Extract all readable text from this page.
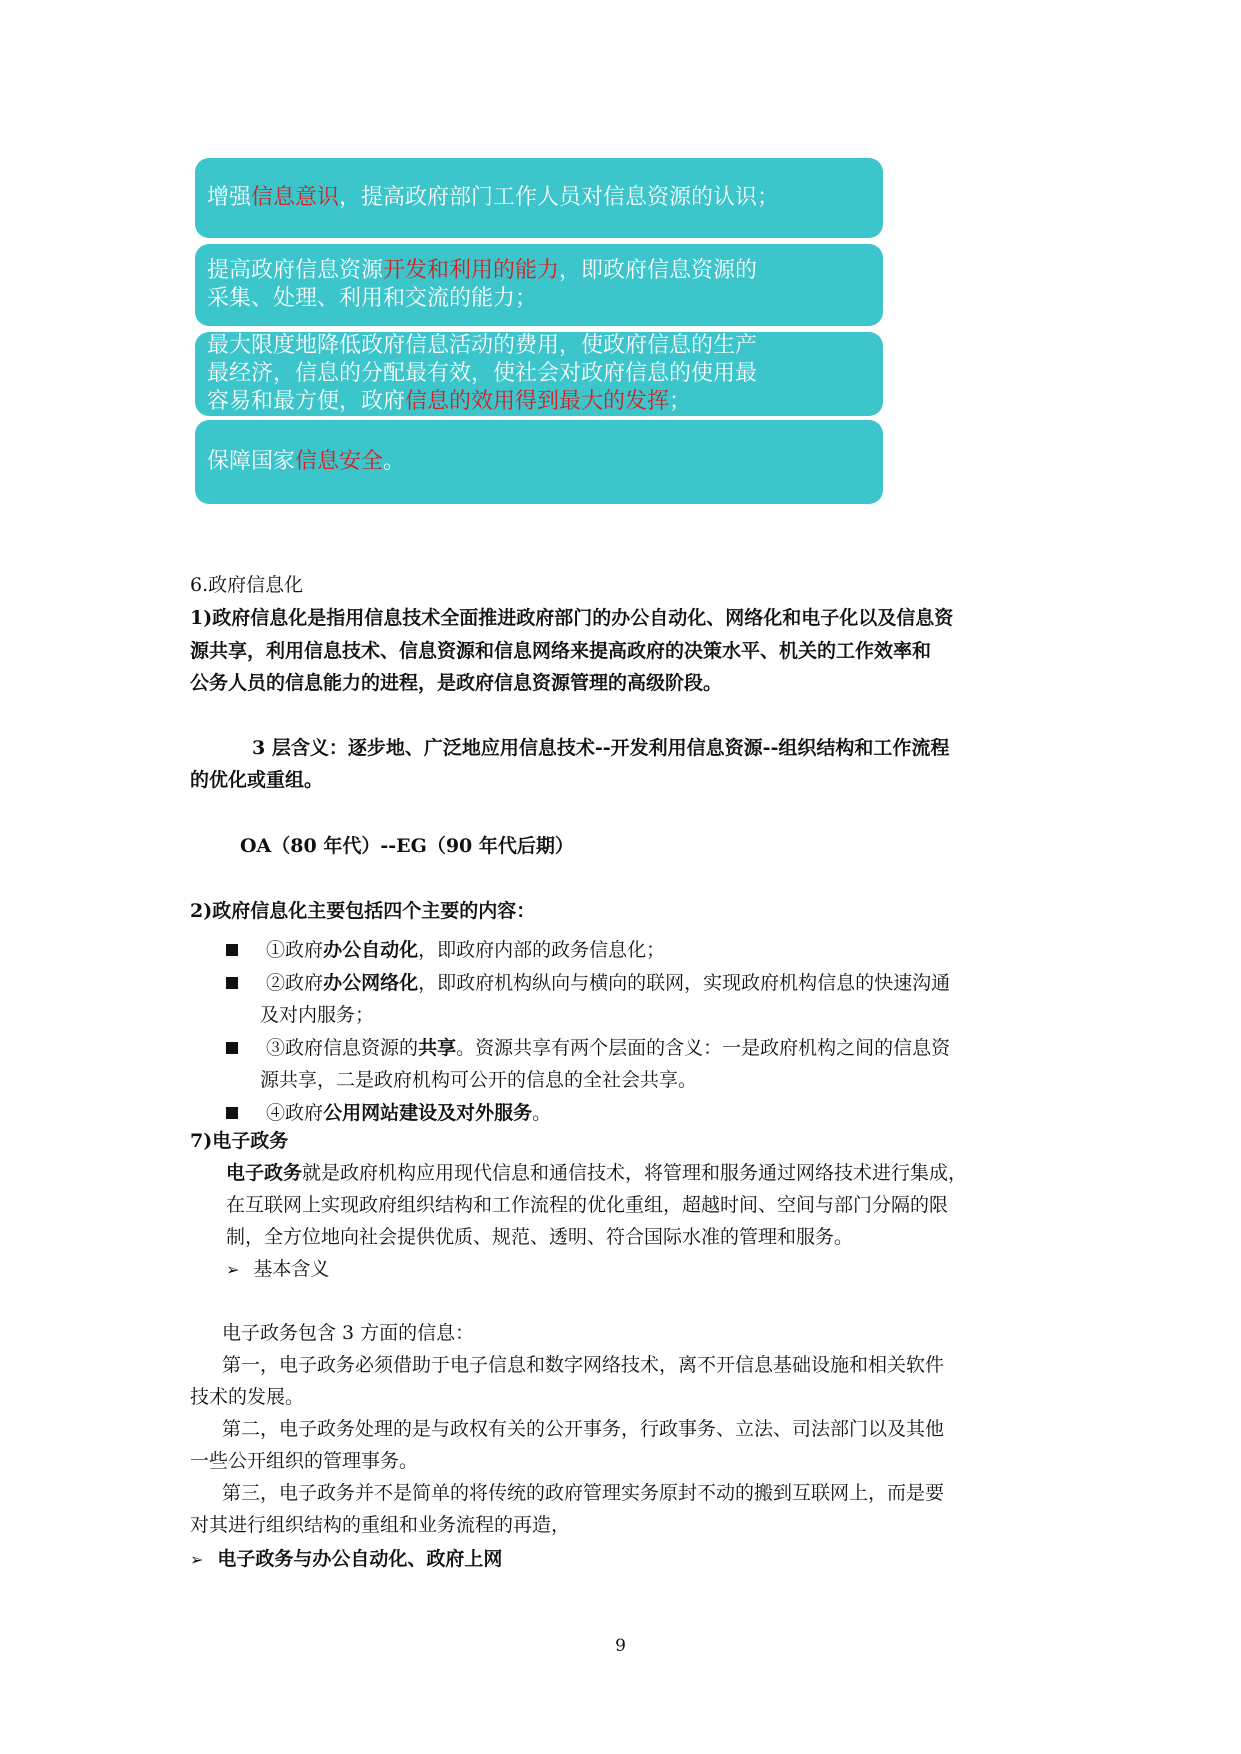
增强信息意识，提高政府部门工作人员对信息资源的认识；
提高政府信息资源开发和利用的能力，即政府信息资源的
采集、处理、利用和交流的能力；
最大限度地降低政府信息活动的费用，使政府信息的生产
最经济，信息的分配最有效，使社会对政府信息的使用最
容易和最方便，政府信息的效用得到最大的发挥；
保障国家信息安全。
6.政府信息化
1)政府信息化是指用信息技术全面推进政府部门的办公自动化、网络化和电子化以及信息资
源共享，利用信息技术、信息资源和信息网络来提高政府的决策水平、机关的工作效率和
公务人员的信息能力的进程，是政府信息资源管理的高级阶段。
3 层含义：逐步地、广泛地应用信息技术--开发利用信息资源--组织结构和工作流程
的优化或重组。
OA（80 年代）--EG（90 年代后期）
2)政府信息化主要包括四个主要的内容：
①政府办公自动化，即政府内部的政务信息化；
②政府办公网络化，即政府机构纵向与横向的联网，实现政府机构信息的快速沟通
及对内服务；
③政府信息资源的共享。资源共享有两个层面的含义：一是政府机构之间的信息资
源共享，二是政府机构可公开的信息的全社会共享。
④政府公用网站建设及对外服务。
7)电子政务
电子政务就是政府机构应用现代信息和通信技术，将管理和服务通过网络技术进行集成，
在互联网上实现政府组织结构和工作流程的优化重组，超越时间、空间与部门分隔的限
制，全方位地向社会提供优质、规范、透明、符合国际水准的管理和服务。
➢ 基本含义
电子政务包含 3 方面的信息：
第一，电子政务必须借助于电子信息和数字网络技术，离不开信息基础设施和相关软件
技术的发展。
第二，电子政务处理的是与政权有关的公开事务，行政事务、立法、司法部门以及其他
一些公开组织的管理事务。
第三，电子政务并不是简单的将传统的政府管理实务原封不动的搬到互联网上，而是要
对其进行组织结构的重组和业务流程的再造，
➢ 电子政务与办公自动化、政府上网
9
